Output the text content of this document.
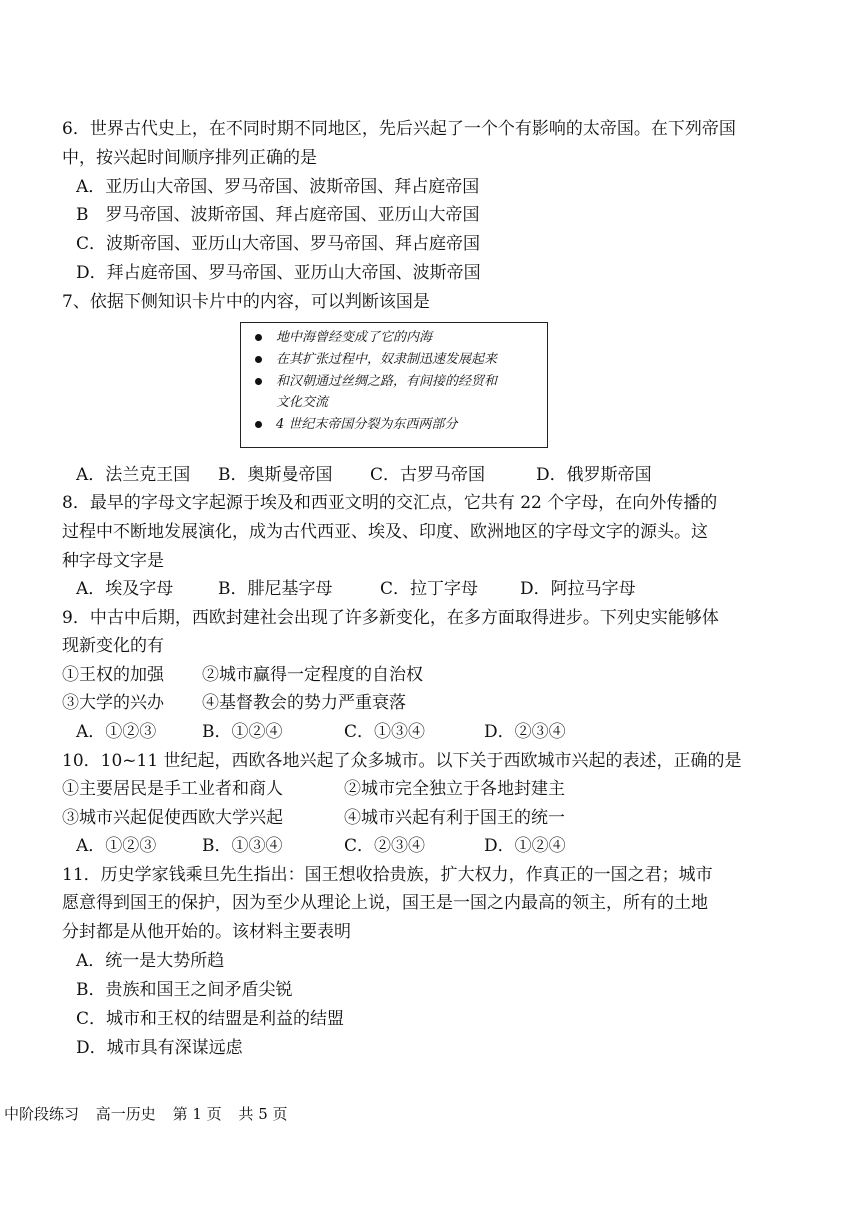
6．世界古代史上，在不同时期不同地区，先后兴起了一个个有影响的太帝国。在下列帝国
中，按兴起时间顺序排列正确的是
A．亚历山大帝国、罗马帝国、波斯帝国、拜占庭帝国
B　罗马帝国、波斯帝国、拜占庭帝国、亚历山大帝国
C．波斯帝国、亚历山大帝国、罗马帝国、拜占庭帝国
D．拜占庭帝国、罗马帝国、亚历山大帝国、波斯帝国
7、依据下侧知识卡片中的内容，可以判断该国是
地中海曾经变成了它的内海
在其扩张过程中，奴隶制迅速发展起来
和汉朝通过丝绸之路，有间接的经贸和
文化交流
4 世纪末帝国分裂为东西两部分
A．法兰克王国 B．奥斯曼帝国 C．古罗马帝国	D．俄罗斯帝国
8．最早的字母文字起源于埃及和西亚文明的交汇点，它共有 22 个字母，在向外传播的
过程中不断地发展演化，成为古代西亚、埃及、印度、欧洲地区的字母文字的源头。这
种字母文字是
A．埃及字母	B．腓尼基字母	C．拉丁字母 D．阿拉马字母
9．中古中后期，西欧封建社会出现了许多新变化，在多方面取得进步。下列史实能够体
现新变化的有
①王权的加强 ②城市赢得一定程度的自治权
③大学的兴办 ④基督教会的势力严重衰落
A．①②③	B．①②④	C．①③④	D．②③④
10．10~11 世纪起，西欧各地兴起了众多城市。以下关于西欧城市兴起的表述，正确的是
①主要居民是手工业者和商人	②城市完全独立于各地封建主
③城市兴起促使西欧大学兴起	④城市兴起有利于国王的统一
A．①②③	B．①③④	C．②③④	D．①②④
11．历史学家钱乘旦先生指出：国王想收拾贵族，扩大权力，作真正的一国之君；城市
愿意得到国王的保护，因为至少从理论上说，国王是一国之内最高的领主，所有的土地
分封都是从他开始的。该材料主要表明
A．统一是大势所趋
B．贵族和国王之间矛盾尖锐
C．城市和王权的结盟是利益的结盟
D．城市具有深谋远虑
中阶段练习 高一历史 第 1 页 共 5 页
